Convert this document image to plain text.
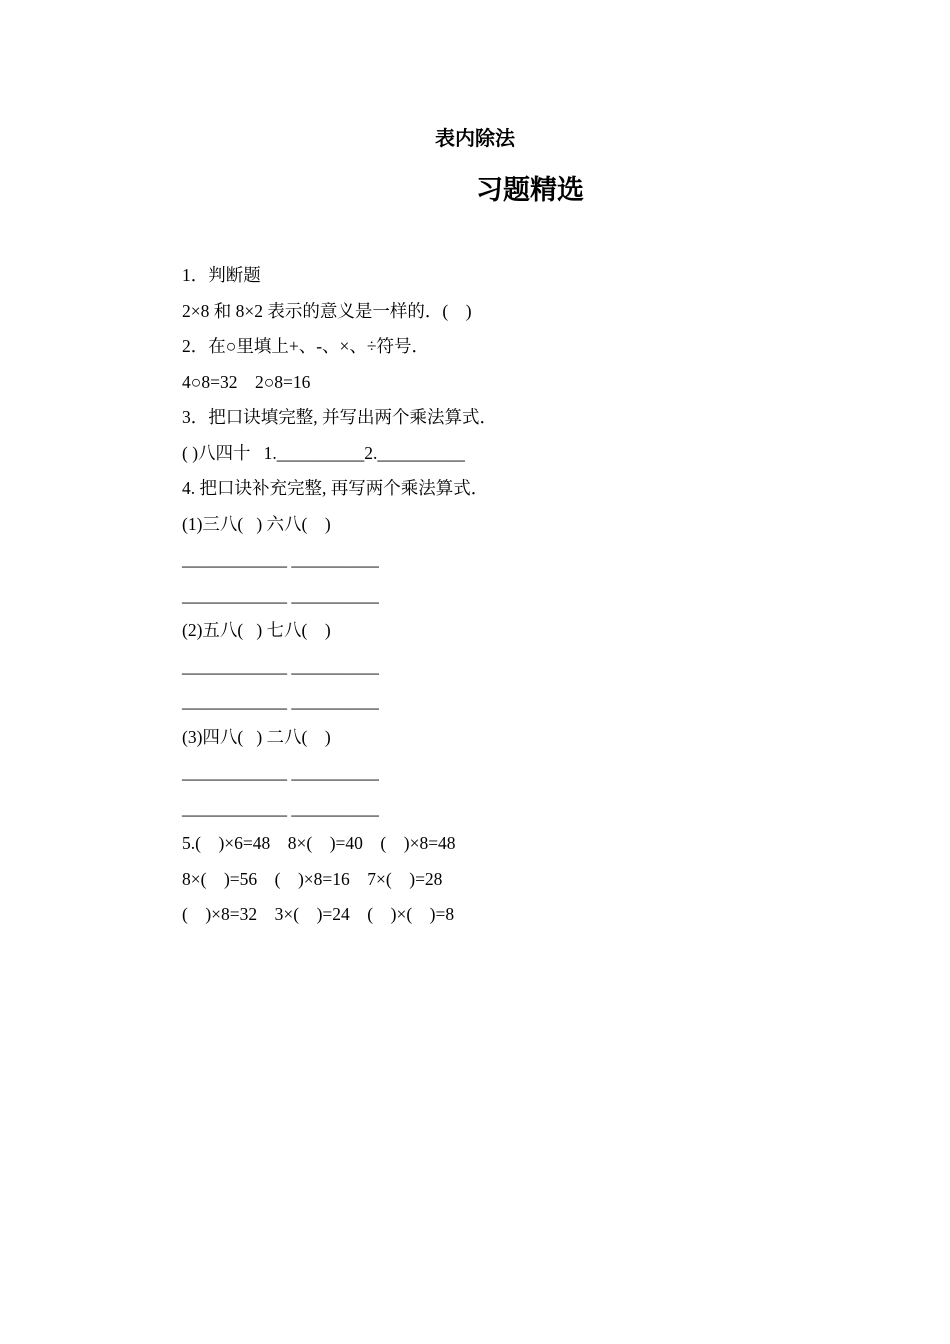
表内除法
习题精选
1．判断题
2×8 和 8×2 表示的意义是一样的．(    )
2．在○里填上+、-、×、÷符号．
4○8=32    2○8=16
3．把口诀填完整, 并写出两个乘法算式．
( )八四十   1.__________2.__________
4. 把口诀补充完整, 再写两个乘法算式．
(1)三八(   ) 六八(    )
____________ __________
____________ __________
(2)五八(   ) 七八(    )
____________ __________
____________ __________
(3)四八(   ) 二八(    )
____________ __________
____________ __________
5.(    )×6=48    8×(    )=40    (    )×8=48
8×(    )=56    (    )×8=16    7×(    )=28
(    )×8=32    3×(    )=24    (    )×(    )=8
